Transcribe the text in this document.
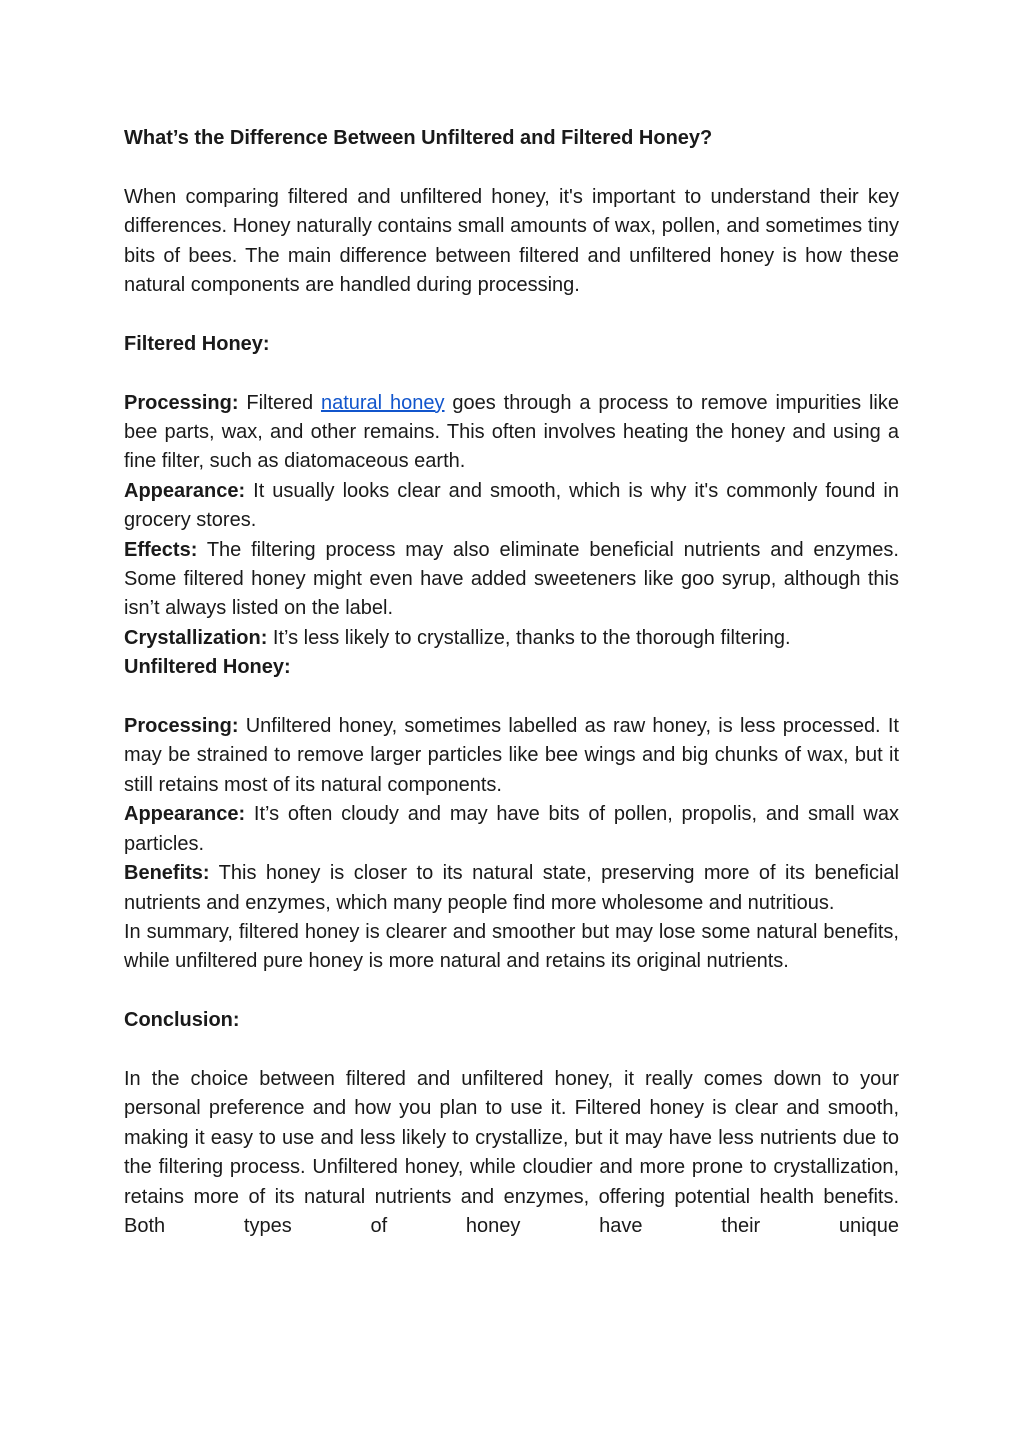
What’s the Difference Between Unfiltered and Filtered Honey?

When comparing filtered and unfiltered honey, it's important to understand their key differences. Honey naturally contains small amounts of wax, pollen, and sometimes tiny bits of bees. The main difference between filtered and unfiltered honey is how these natural components are handled during processing.

Filtered Honey:

Processing: Filtered natural honey goes through a process to remove impurities like bee parts, wax, and other remains. This often involves heating the honey and using a fine filter, such as diatomaceous earth.

Appearance: It usually looks clear and smooth, which is why it's commonly found in grocery stores.

Effects: The filtering process may also eliminate beneficial nutrients and enzymes. Some filtered honey might even have added sweeteners like goo syrup, although this isn’t always listed on the label.

Crystallization: It’s less likely to crystallize, thanks to the thorough filtering.

Unfiltered Honey:

Processing: Unfiltered honey, sometimes labelled as raw honey, is less processed. It may be strained to remove larger particles like bee wings and big chunks of wax, but it still retains most of its natural components.

Appearance: It’s often cloudy and may have bits of pollen, propolis, and small wax particles.

Benefits: This honey is closer to its natural state, preserving more of its beneficial nutrients and enzymes, which many people find more wholesome and nutritious.

In summary, filtered honey is clearer and smoother but may lose some natural benefits, while unfiltered pure honey is more natural and retains its original nutrients.

Conclusion:

In the choice between filtered and unfiltered honey, it really comes down to your personal preference and how you plan to use it. Filtered honey is clear and smooth, making it easy to use and less likely to crystallize, but it may have less nutrients due to the filtering process. Unfiltered honey, while cloudier and more prone to crystallization, retains more of its natural nutrients and enzymes, offering potential health benefits. Both types of honey have their unique
